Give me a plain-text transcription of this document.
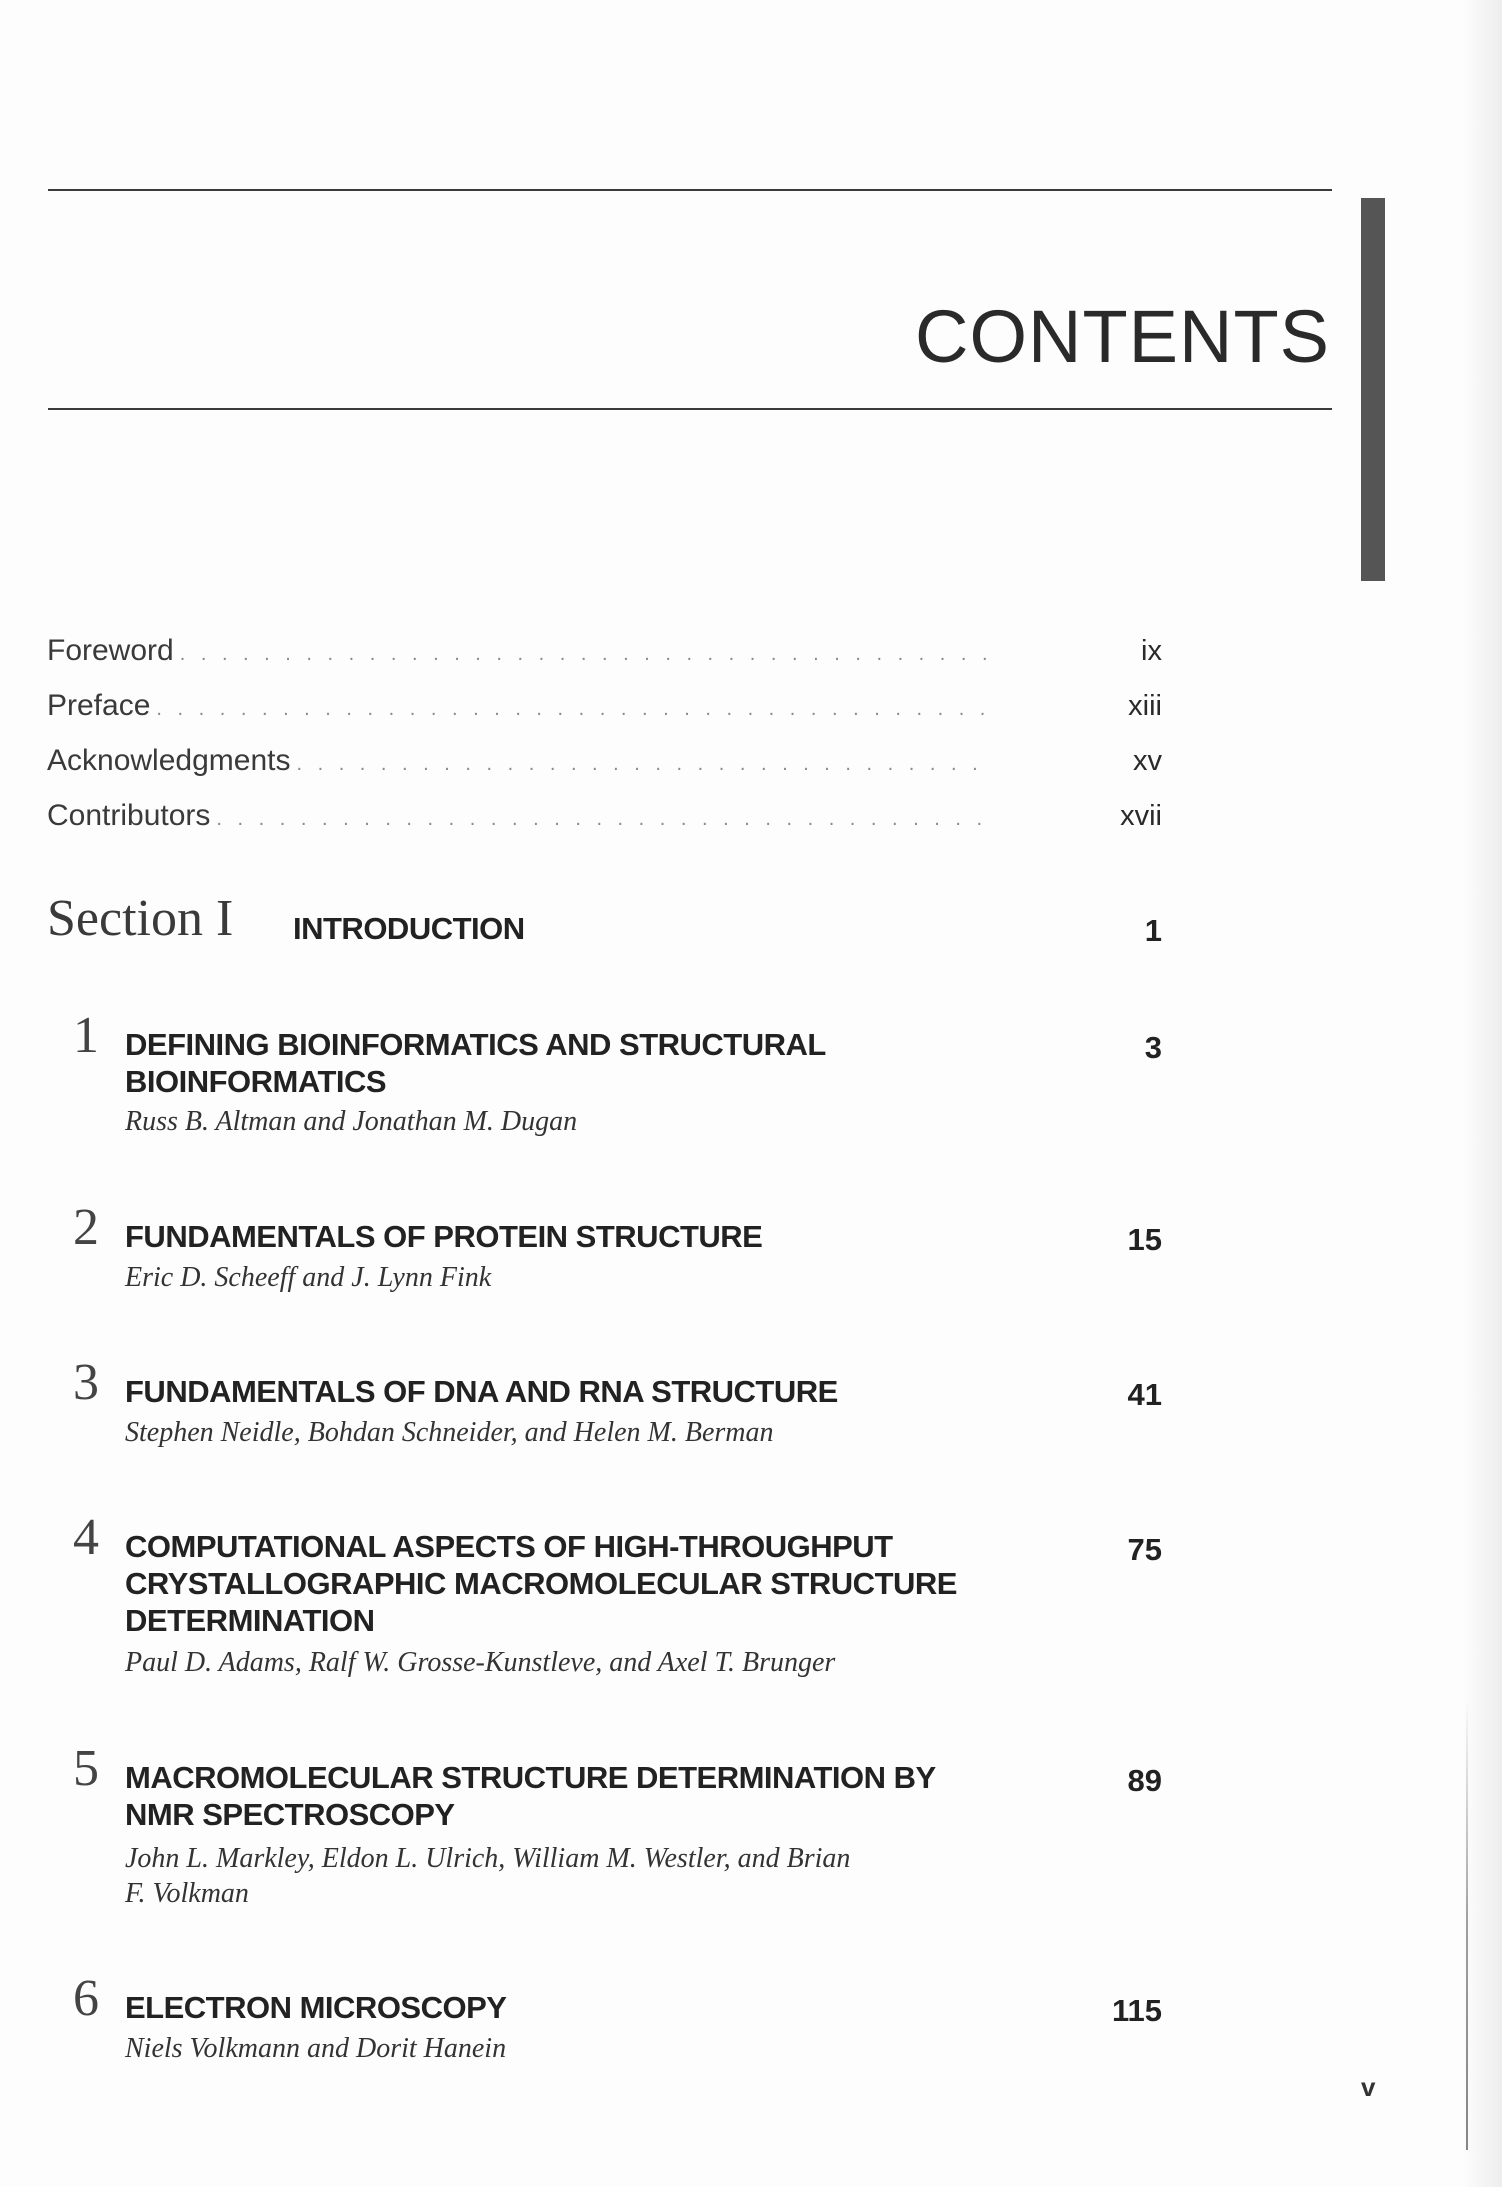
CONTENTS
Foreword . . .	ix
Preface . . .	xiii
Acknowledgments . . .	xv
Contributors . . .	xvii
Section I INTRODUCTION	1
1 DEFINING BIOINFORMATICS AND STRUCTURAL
BIOINFORMATICS
Russ B. Altman and Jonathan M. Dugan
3
2 FUNDAMENTALS OF PROTEIN STRUCTURE
Eric D. Scheeff and J. Lynn Fink
15
3 FUNDAMENTALS OF DNA AND RNA STRUCTURE
Stephen Neidle, Bohdan Schneider, and Helen M. Berman
41
4 COMPUTATIONAL ASPECTS OF HIGH-THROUGHPUT
CRYSTALLOGRAPHIC MACROMOLECULAR STRUCTURE
DETERMINATION
Paul D. Adams, Ralf W. Grosse-Kunstleve, and Axel T. Brunger
75
5 MACROMOLECULAR STRUCTURE DETERMINATION BY
NMR SPECTROSCOPY
John L. Markley, Eldon L. Ulrich, William M. Westler, and Brian
F. Volkman
89
6 ELECTRON MICROSCOPY
Niels Volkmann and Dorit Hanein
115
v
